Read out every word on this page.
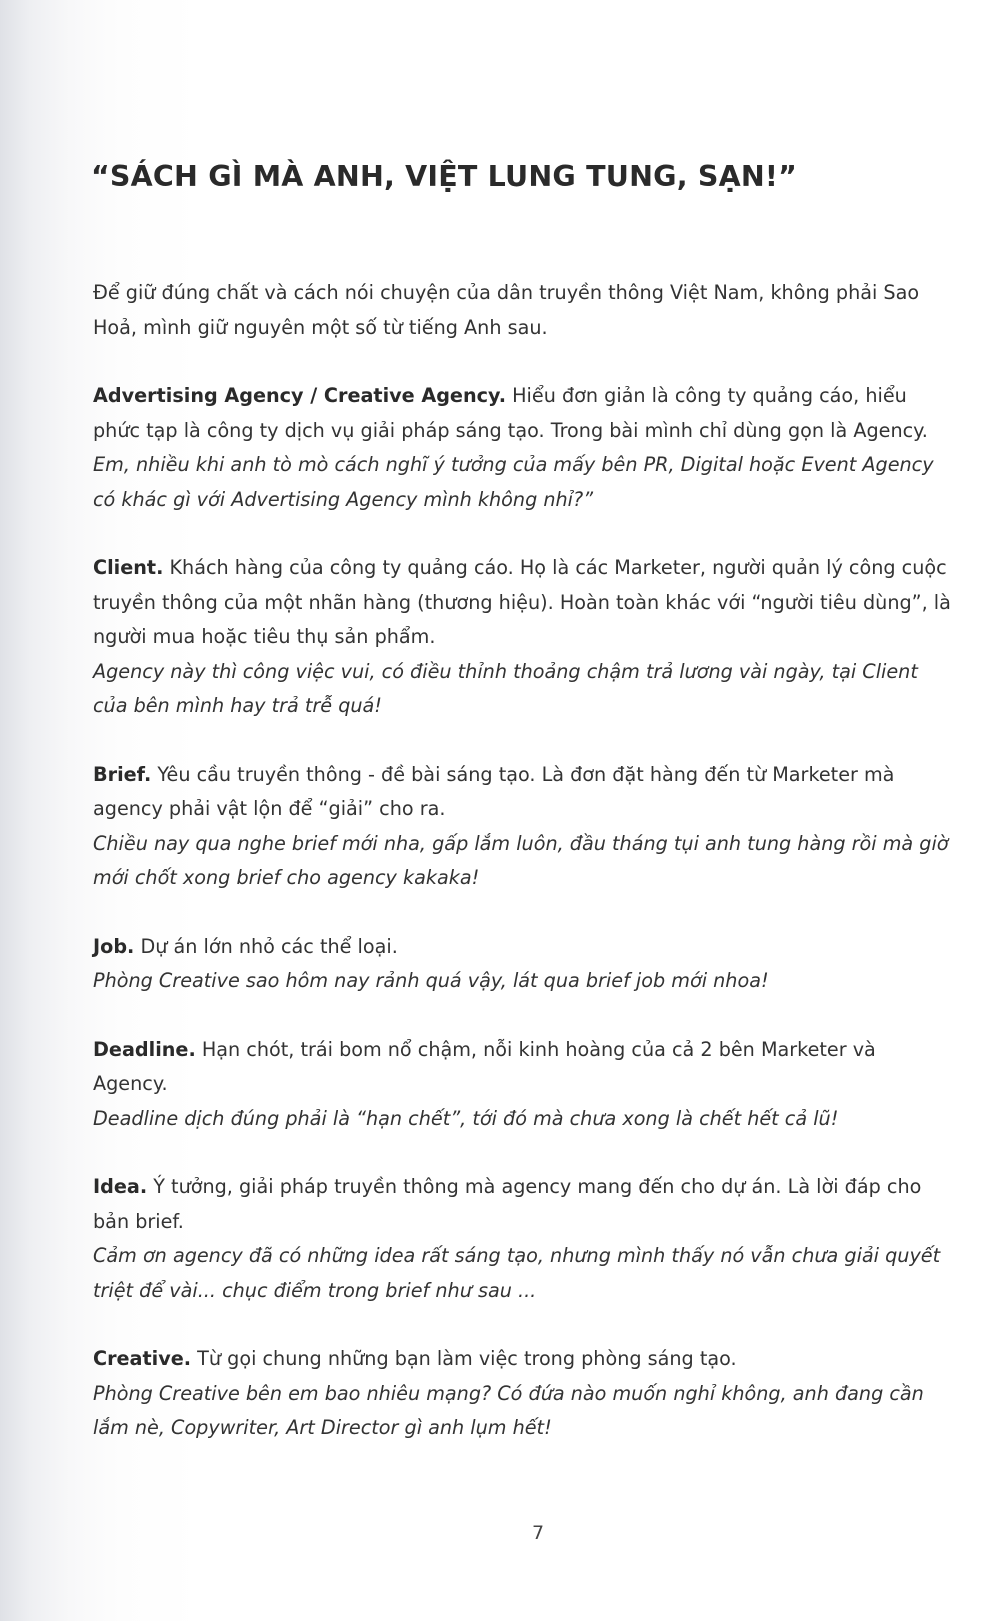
“SÁCH GÌ MÀ ANH, VIỆT LUNG TUNG, SẠN!”

Để giữ đúng chất và cách nói chuyện của dân truyền thông Việt Nam, không phải Sao Hoả, mình giữ nguyên một số từ tiếng Anh sau.

Advertising Agency / Creative Agency. Hiểu đơn giản là công ty quảng cáo, hiểu phức tạp là công ty dịch vụ giải pháp sáng tạo. Trong bài mình chỉ dùng gọn là Agency.
Em, nhiều khi anh tò mò cách nghĩ ý tưởng của mấy bên PR, Digital hoặc Event Agency có khác gì với Advertising Agency mình không nhỉ?”

Client. Khách hàng của công ty quảng cáo. Họ là các Marketer, người quản lý công cuộc truyền thông của một nhãn hàng (thương hiệu). Hoàn toàn khác với “người tiêu dùng”, là người mua hoặc tiêu thụ sản phẩm.
Agency này thì công việc vui, có điều thỉnh thoảng chậm trả lương vài ngày, tại Client của bên mình hay trả trễ quá!

Brief. Yêu cầu truyền thông - đề bài sáng tạo. Là đơn đặt hàng đến từ Marketer mà agency phải vật lộn để “giải” cho ra.
Chiều nay qua nghe brief mới nha, gấp lắm luôn, đầu tháng tụi anh tung hàng rồi mà giờ mới chốt xong brief cho agency kakaka!

Job. Dự án lớn nhỏ các thể loại.
Phòng Creative sao hôm nay rảnh quá vậy, lát qua brief job mới nhoa!

Deadline. Hạn chót, trái bom nổ chậm, nỗi kinh hoàng của cả 2 bên Marketer và Agency.
Deadline dịch đúng phải là “hạn chết”, tới đó mà chưa xong là chết hết cả lũ!

Idea. Ý tưởng, giải pháp truyền thông mà agency mang đến cho dự án. Là lời đáp cho bản brief.
Cảm ơn agency đã có những idea rất sáng tạo, nhưng mình thấy nó vẫn chưa giải quyết triệt để vài... chục điểm trong brief như sau ...

Creative. Từ gọi chung những bạn làm việc trong phòng sáng tạo.
Phòng Creative bên em bao nhiêu mạng? Có đứa nào muốn nghỉ không, anh đang cần lắm nè, Copywriter, Art Director gì anh lụm hết!

7
